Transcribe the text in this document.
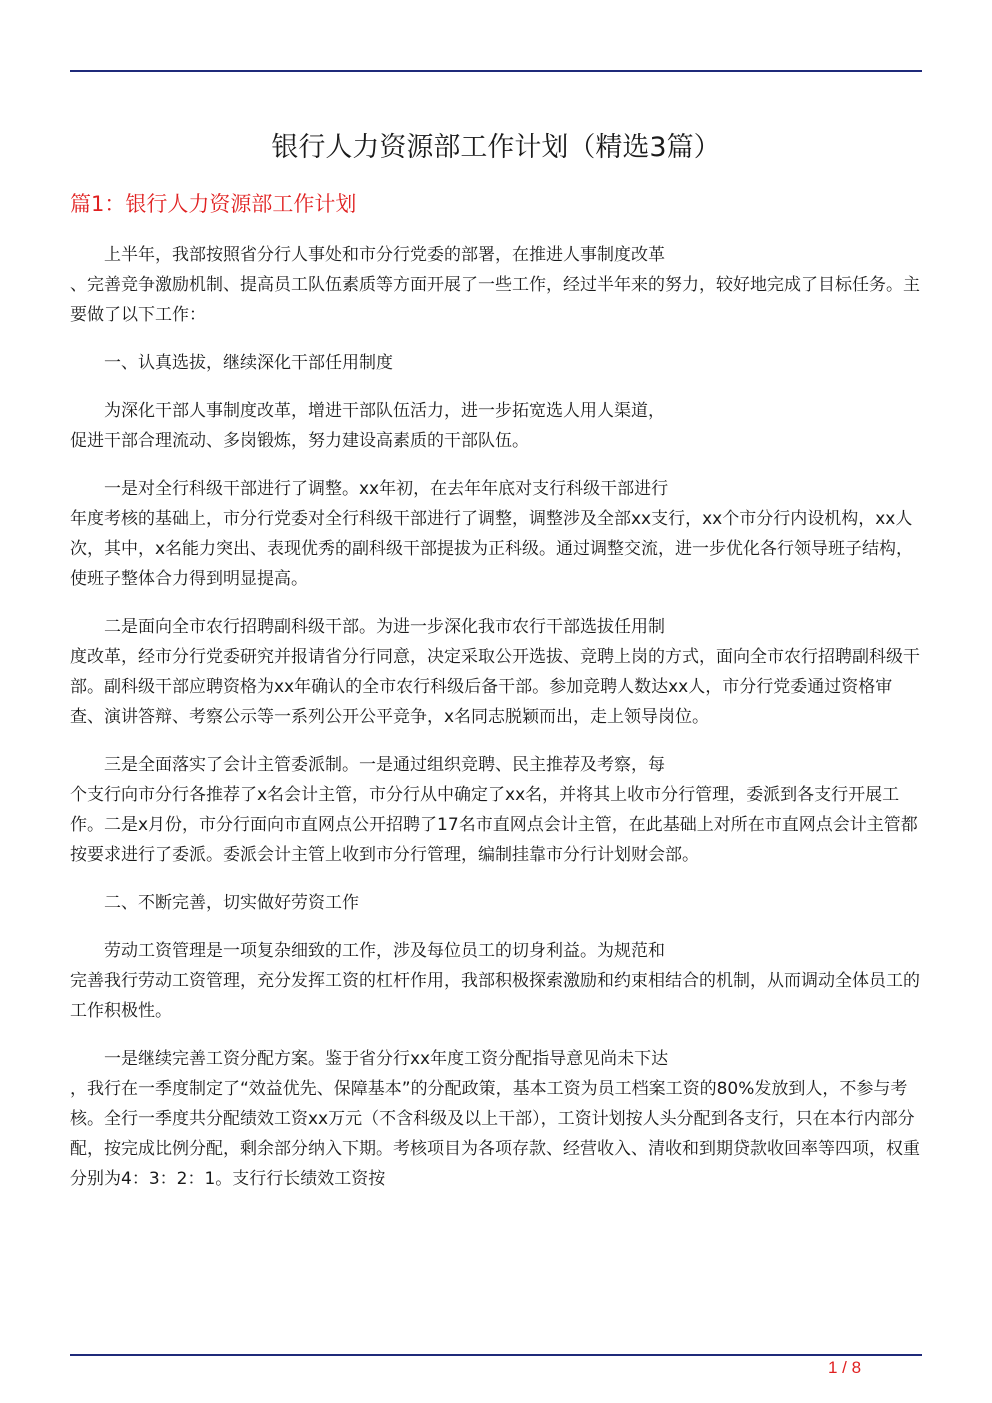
银行人力资源部工作计划（精选3篇）
篇1：银行人力资源部工作计划

　　上半年，我部按照省分行人事处和市分行党委的部署，在推进人事制度改革
、完善竞争激励机制、提高员工队伍素质等方面开展了一些工作，经过半年来的努力，较好地完成了目标任务。主要做了以下工作：

　　一、认真选拔，继续深化干部任用制度

　　为深化干部人事制度改革，增进干部队伍活力，进一步拓宽选人用人渠道，
促进干部合理流动、多岗锻炼，努力建设高素质的干部队伍。

　　一是对全行科级干部进行了调整。xx年初，在去年年底对支行科级干部进行
年度考核的基础上，市分行党委对全行科级干部进行了调整，调整涉及全部xx支行，xx个市分行内设机构，xx人次，其中，x名能力突出、表现优秀的副科级干部提拔为正科级。通过调整交流，进一步优化各行领导班子结构，使班子整体合力得到明显提高。

　　二是面向全市农行招聘副科级干部。为进一步深化我市农行干部选拔任用制
度改革，经市分行党委研究并报请省分行同意，决定采取公开选拔、竞聘上岗的方式，面向全市农行招聘副科级干部。副科级干部应聘资格为xx年确认的全市农行科级后备干部。参加竞聘人数达xx人，市分行党委通过资格审查、演讲答辩、考察公示等一系列公开公平竞争，x名同志脱颖而出，走上领导岗位。

　　三是全面落实了会计主管委派制。一是通过组织竞聘、民主推荐及考察，每
个支行向市分行各推荐了x名会计主管，市分行从中确定了xx名，并将其上收市分行管理，委派到各支行开展工作。二是x月份，市分行面向市直网点公开招聘了17名市直网点会计主管，在此基础上对所在市直网点会计主管都按要求进行了委派。委派会计主管上收到市分行管理，编制挂靠市分行计划财会部。

　　二、不断完善，切实做好劳资工作

　　劳动工资管理是一项复杂细致的工作，涉及每位员工的切身利益。为规范和
完善我行劳动工资管理，充分发挥工资的杠杆作用，我部积极探索激励和约束相结合的机制，从而调动全体员工的工作积极性。

　　一是继续完善工资分配方案。鉴于省分行xx年度工资分配指导意见尚未下达
，我行在一季度制定了“效益优先、保障基本”的分配政策，基本工资为员工档案工资的80%发放到人，不参与考核。全行一季度共分配绩效工资xx万元（不含科级及以上干部），工资计划按人头分配到各支行，只在本行内部分配，按完成比例分配，剩余部分纳入下期。考核项目为各项存款、经营收入、清收和到期贷款收回率等四项，权重分别为4：3：2：1。支行行长绩效工资按

1 / 8
